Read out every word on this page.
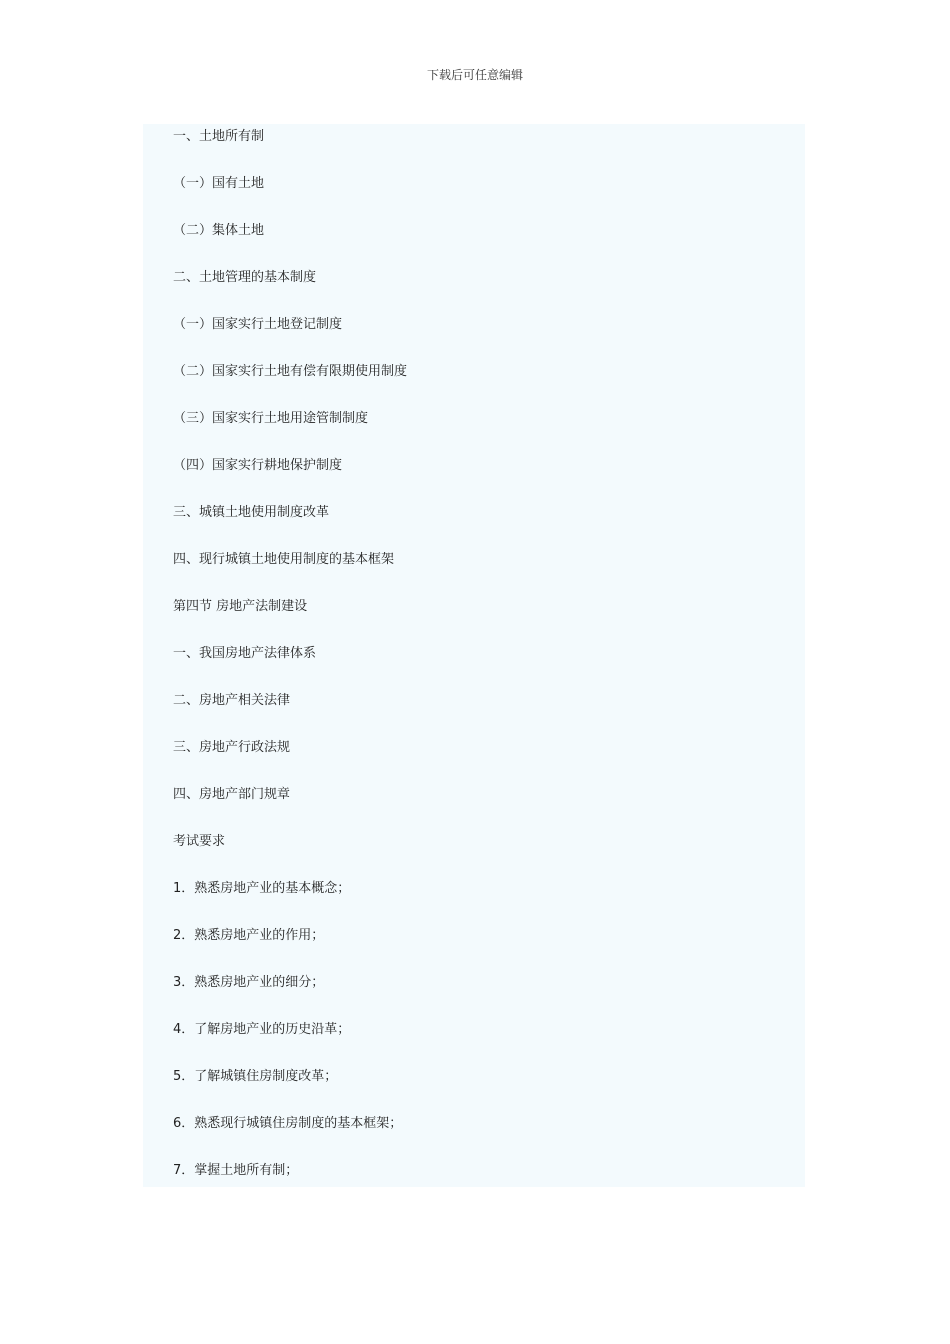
下载后可任意编辑
一、土地所有制
（一）国有土地
（二）集体土地
二、土地管理的基本制度
（一）国家实行土地登记制度
（二）国家实行土地有偿有限期使用制度
（三）国家实行土地用途管制制度
（四）国家实行耕地保护制度
三、城镇土地使用制度改革
四、现行城镇土地使用制度的基本框架
第四节 房地产法制建设
一、我国房地产法律体系
二、房地产相关法律
三、房地产行政法规
四、房地产部门规章
考试要求
1．熟悉房地产业的基本概念；
2．熟悉房地产业的作用；
3．熟悉房地产业的细分；
4．了解房地产业的历史沿革；
5．了解城镇住房制度改革；
6．熟悉现行城镇住房制度的基本框架；
7．掌握土地所有制；
